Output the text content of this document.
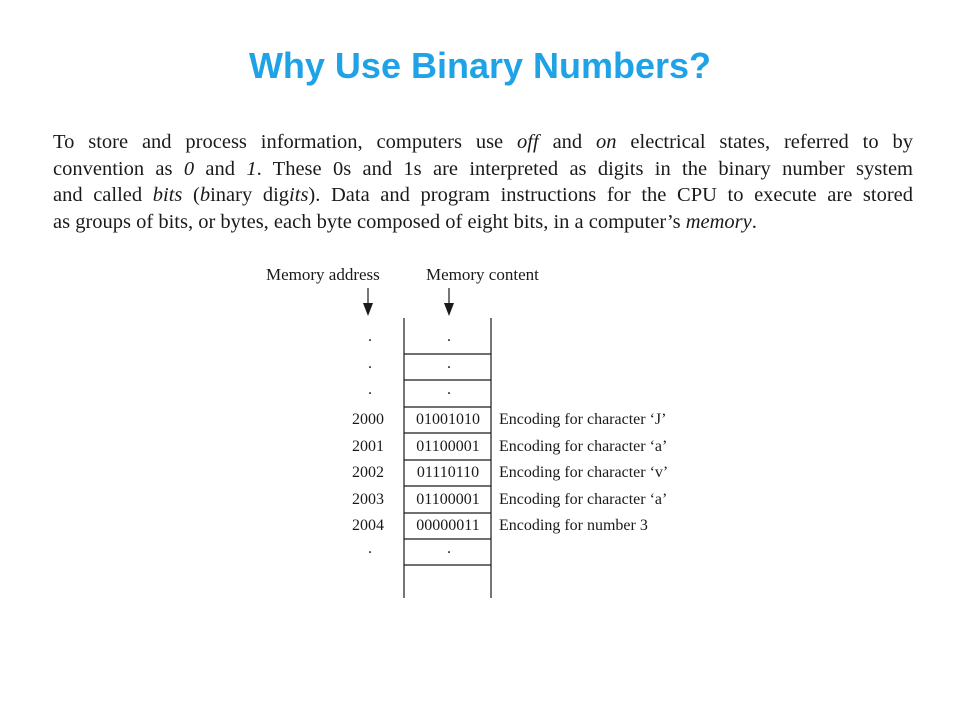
Why Use Binary Numbers?
To store and process information, computers use off and on electrical states, referred to by
convention as 0 and 1. These 0s and 1s are interpreted as digits in the binary number system
and called bits (binary digits). Data and program instructions for the CPU to execute are stored
as groups of bits, or bytes, each byte composed of eight bits, in a computer’s memory.
Memory address	Memory content
.	.
.	.
.	.
2000	01001010	Encoding for character ‘J’
2001	01100001	Encoding for character ‘a’
2002	01110110	Encoding for character ‘v’
2003	01100001	Encoding for character ‘a’
2004	00000011	Encoding for number 3
.	.
